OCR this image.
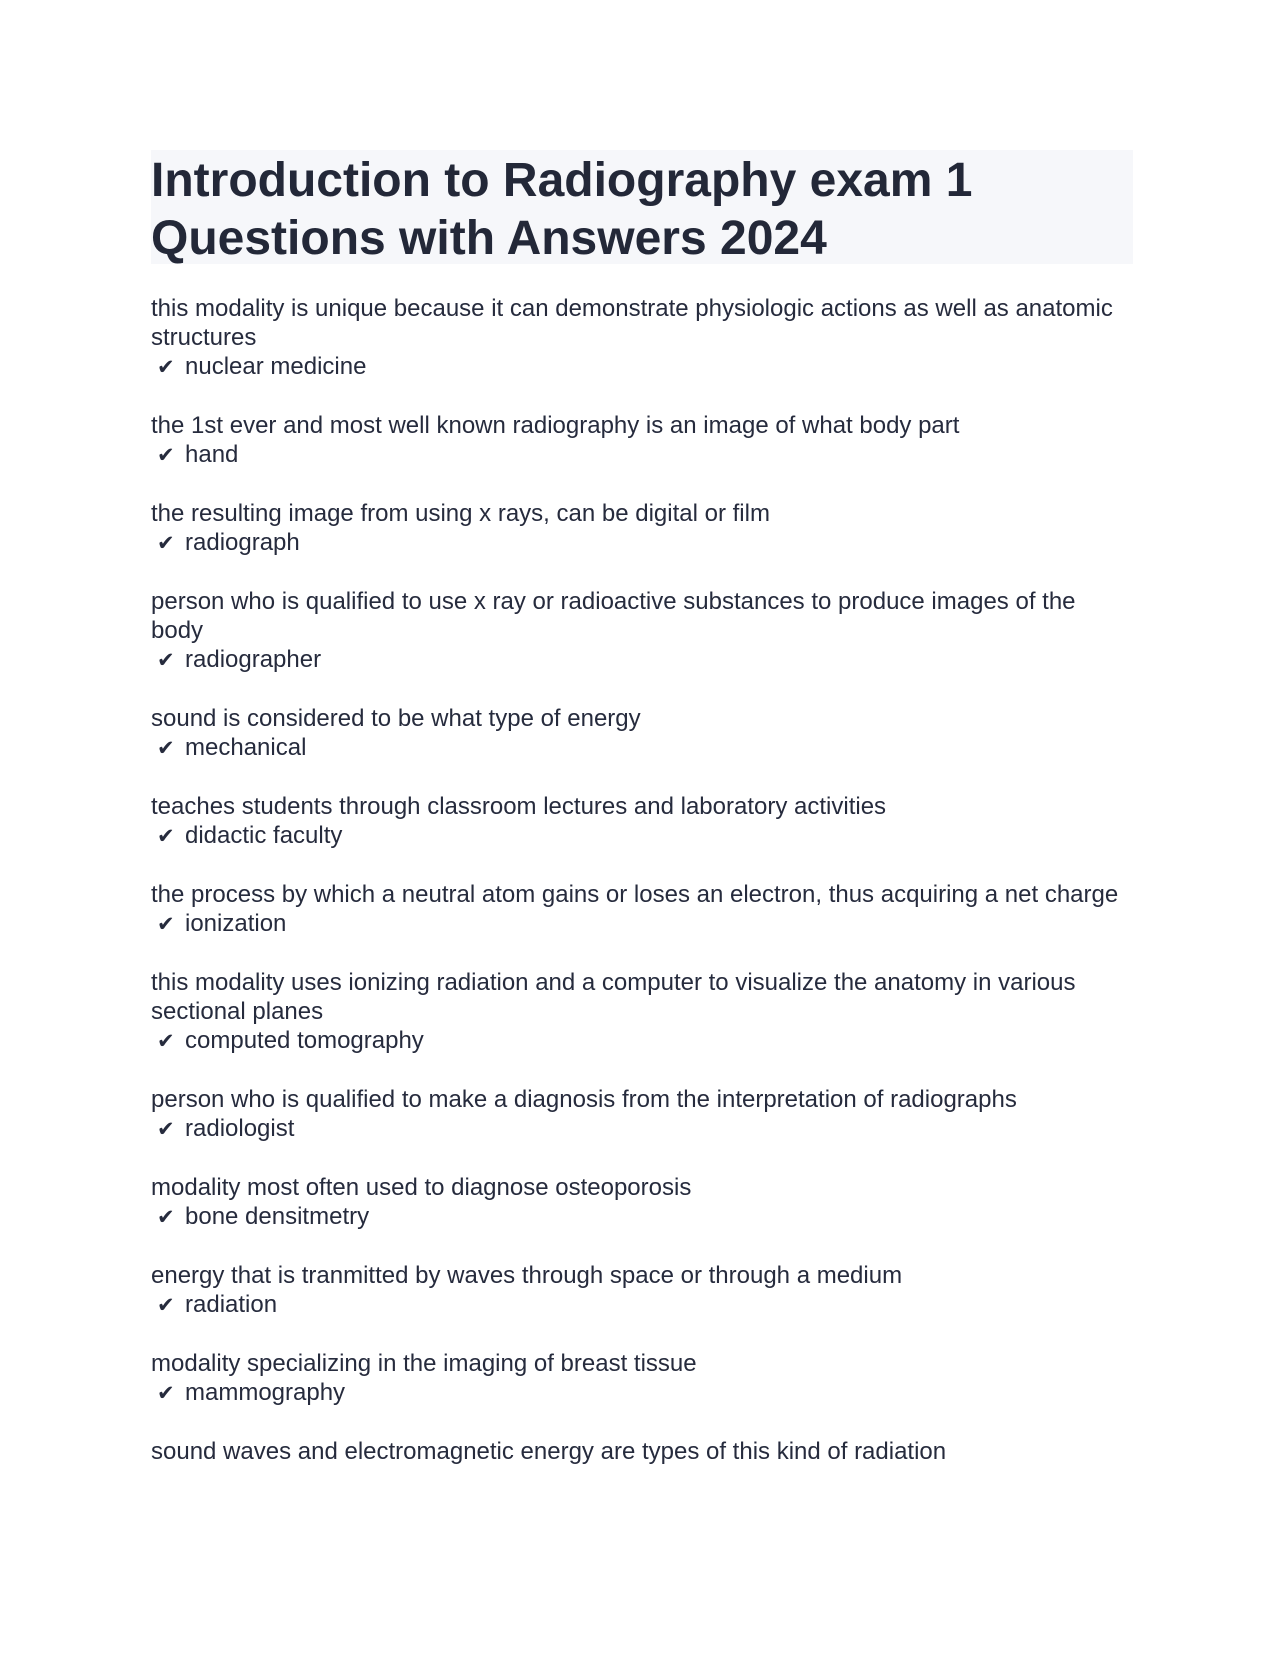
Introduction to Radiography exam 1
Questions with Answers 2024

this modality is unique because it can demonstrate physiologic actions as well as anatomic structures

✔ nuclear medicine

the 1st ever and most well known radiography is an image of what body part

✔ hand

the resulting image from using x rays, can be digital or film

✔ radiograph

person who is qualified to use x ray or radioactive substances to produce images of the body

✔ radiographer

sound is considered to be what type of energy

✔ mechanical

teaches students through classroom lectures and laboratory activities

✔ didactic faculty

the process by which a neutral atom gains or loses an electron, thus acquiring a net charge

✔ ionization

this modality uses ionizing radiation and a computer to visualize the anatomy in various sectional planes

✔ computed tomography

person who is qualified to make a diagnosis from the interpretation of radiographs

✔ radiologist

modality most often used to diagnose osteoporosis

✔ bone densitmetry

energy that is tranmitted by waves through space or through a medium

✔ radiation

modality specializing in the imaging of breast tissue

✔ mammography

sound waves and electromagnetic energy are types of this kind of radiation
